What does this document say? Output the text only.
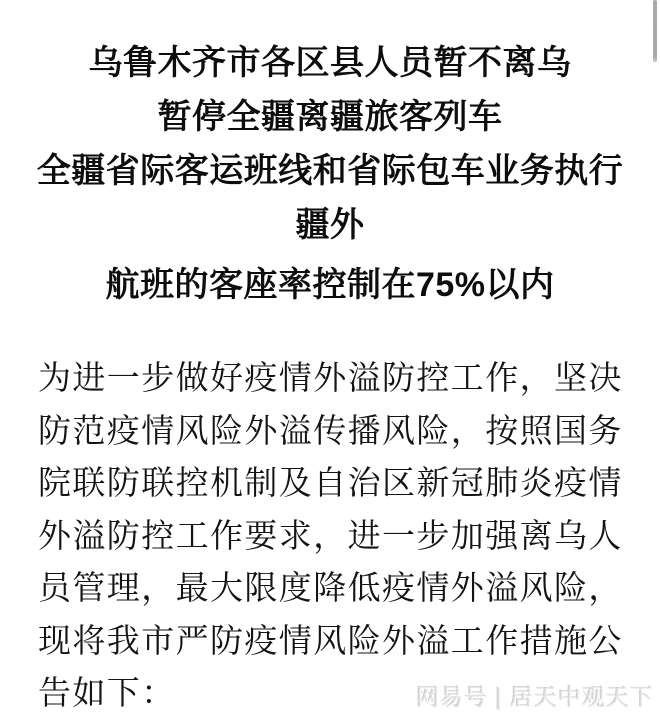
乌鲁木齐市各区县人员暂不离乌
暂停全疆离疆旅客列车
全疆省际客运班线和省际包车业务执行
疆外
航班的客座率控制在75%以内
为进一步做好疫情外溢防控工作，坚决
防范疫情风险外溢传播风险，按照国务
院联防联控机制及自治区新冠肺炎疫情
外溢防控工作要求，进一步加强离乌人
员管理，最大限度降低疫情外溢风险，
现将我市严防疫情风险外溢工作措施公
告如下：	网易号 | 居天中观天下
